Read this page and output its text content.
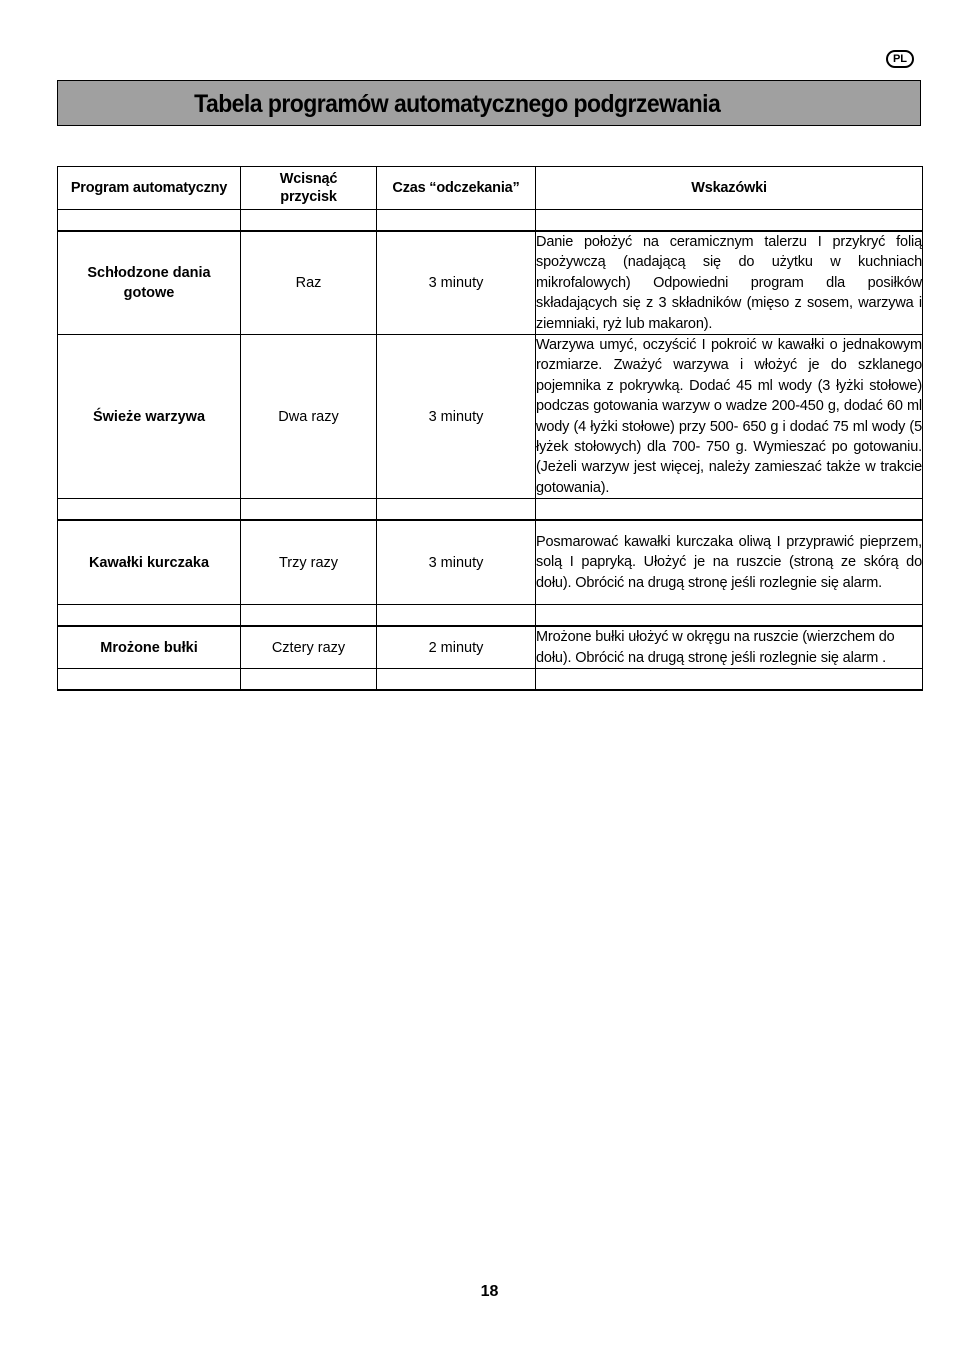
PL
Tabela programów automatycznego podgrzewania
Program automatyczny	Wcisnąć przycisk	Czas “odczekania”	Wskazówki

Schłodzone dania gotowe	Raz	3 minuty	Danie położyć na ceramicznym talerzu I przykryć folią spożywczą (nadającą się do użytku w kuchniach mikrofalowych) Odpowiedni program dla posiłków składających się z 3 składników (mięso z sosem, warzywa i ziemniaki, ryż lub makaron).
Świeże warzywa	Dwa razy	3 minuty	Warzywa umyć, oczyścić I pokroić w kawałki o jednakowym rozmiarze. Zważyć warzywa i włożyć je do szklanego pojemnika z pokrywką. Dodać 45 ml wody (3 łyżki stołowe) podczas gotowania warzyw o wadze 200-450 g, dodać 60 ml wody (4 łyżki stołowe) przy 500- 650 g i dodać 75 ml wody (5 łyżek stołowych) dla 700- 750 g. Wymieszać po gotowaniu. (Jeżeli warzyw jest więcej, należy zamieszać także w trakcie gotowania).

Kawałki kurczaka	Trzy razy	3 minuty	Posmarować kawałki kurczaka oliwą I przyprawić pieprzem, solą I papryką. Ułożyć je na ruszcie (stroną ze skórą do dołu). Obrócić na drugą stronę jeśli rozlegnie się alarm.

Mrożone bułki	Cztery razy	2 minuty	Mrożone bułki ułożyć w okręgu na ruszcie (wierzchem do dołu). Obrócić na drugą stronę jeśli rozlegnie się alarm .

18
